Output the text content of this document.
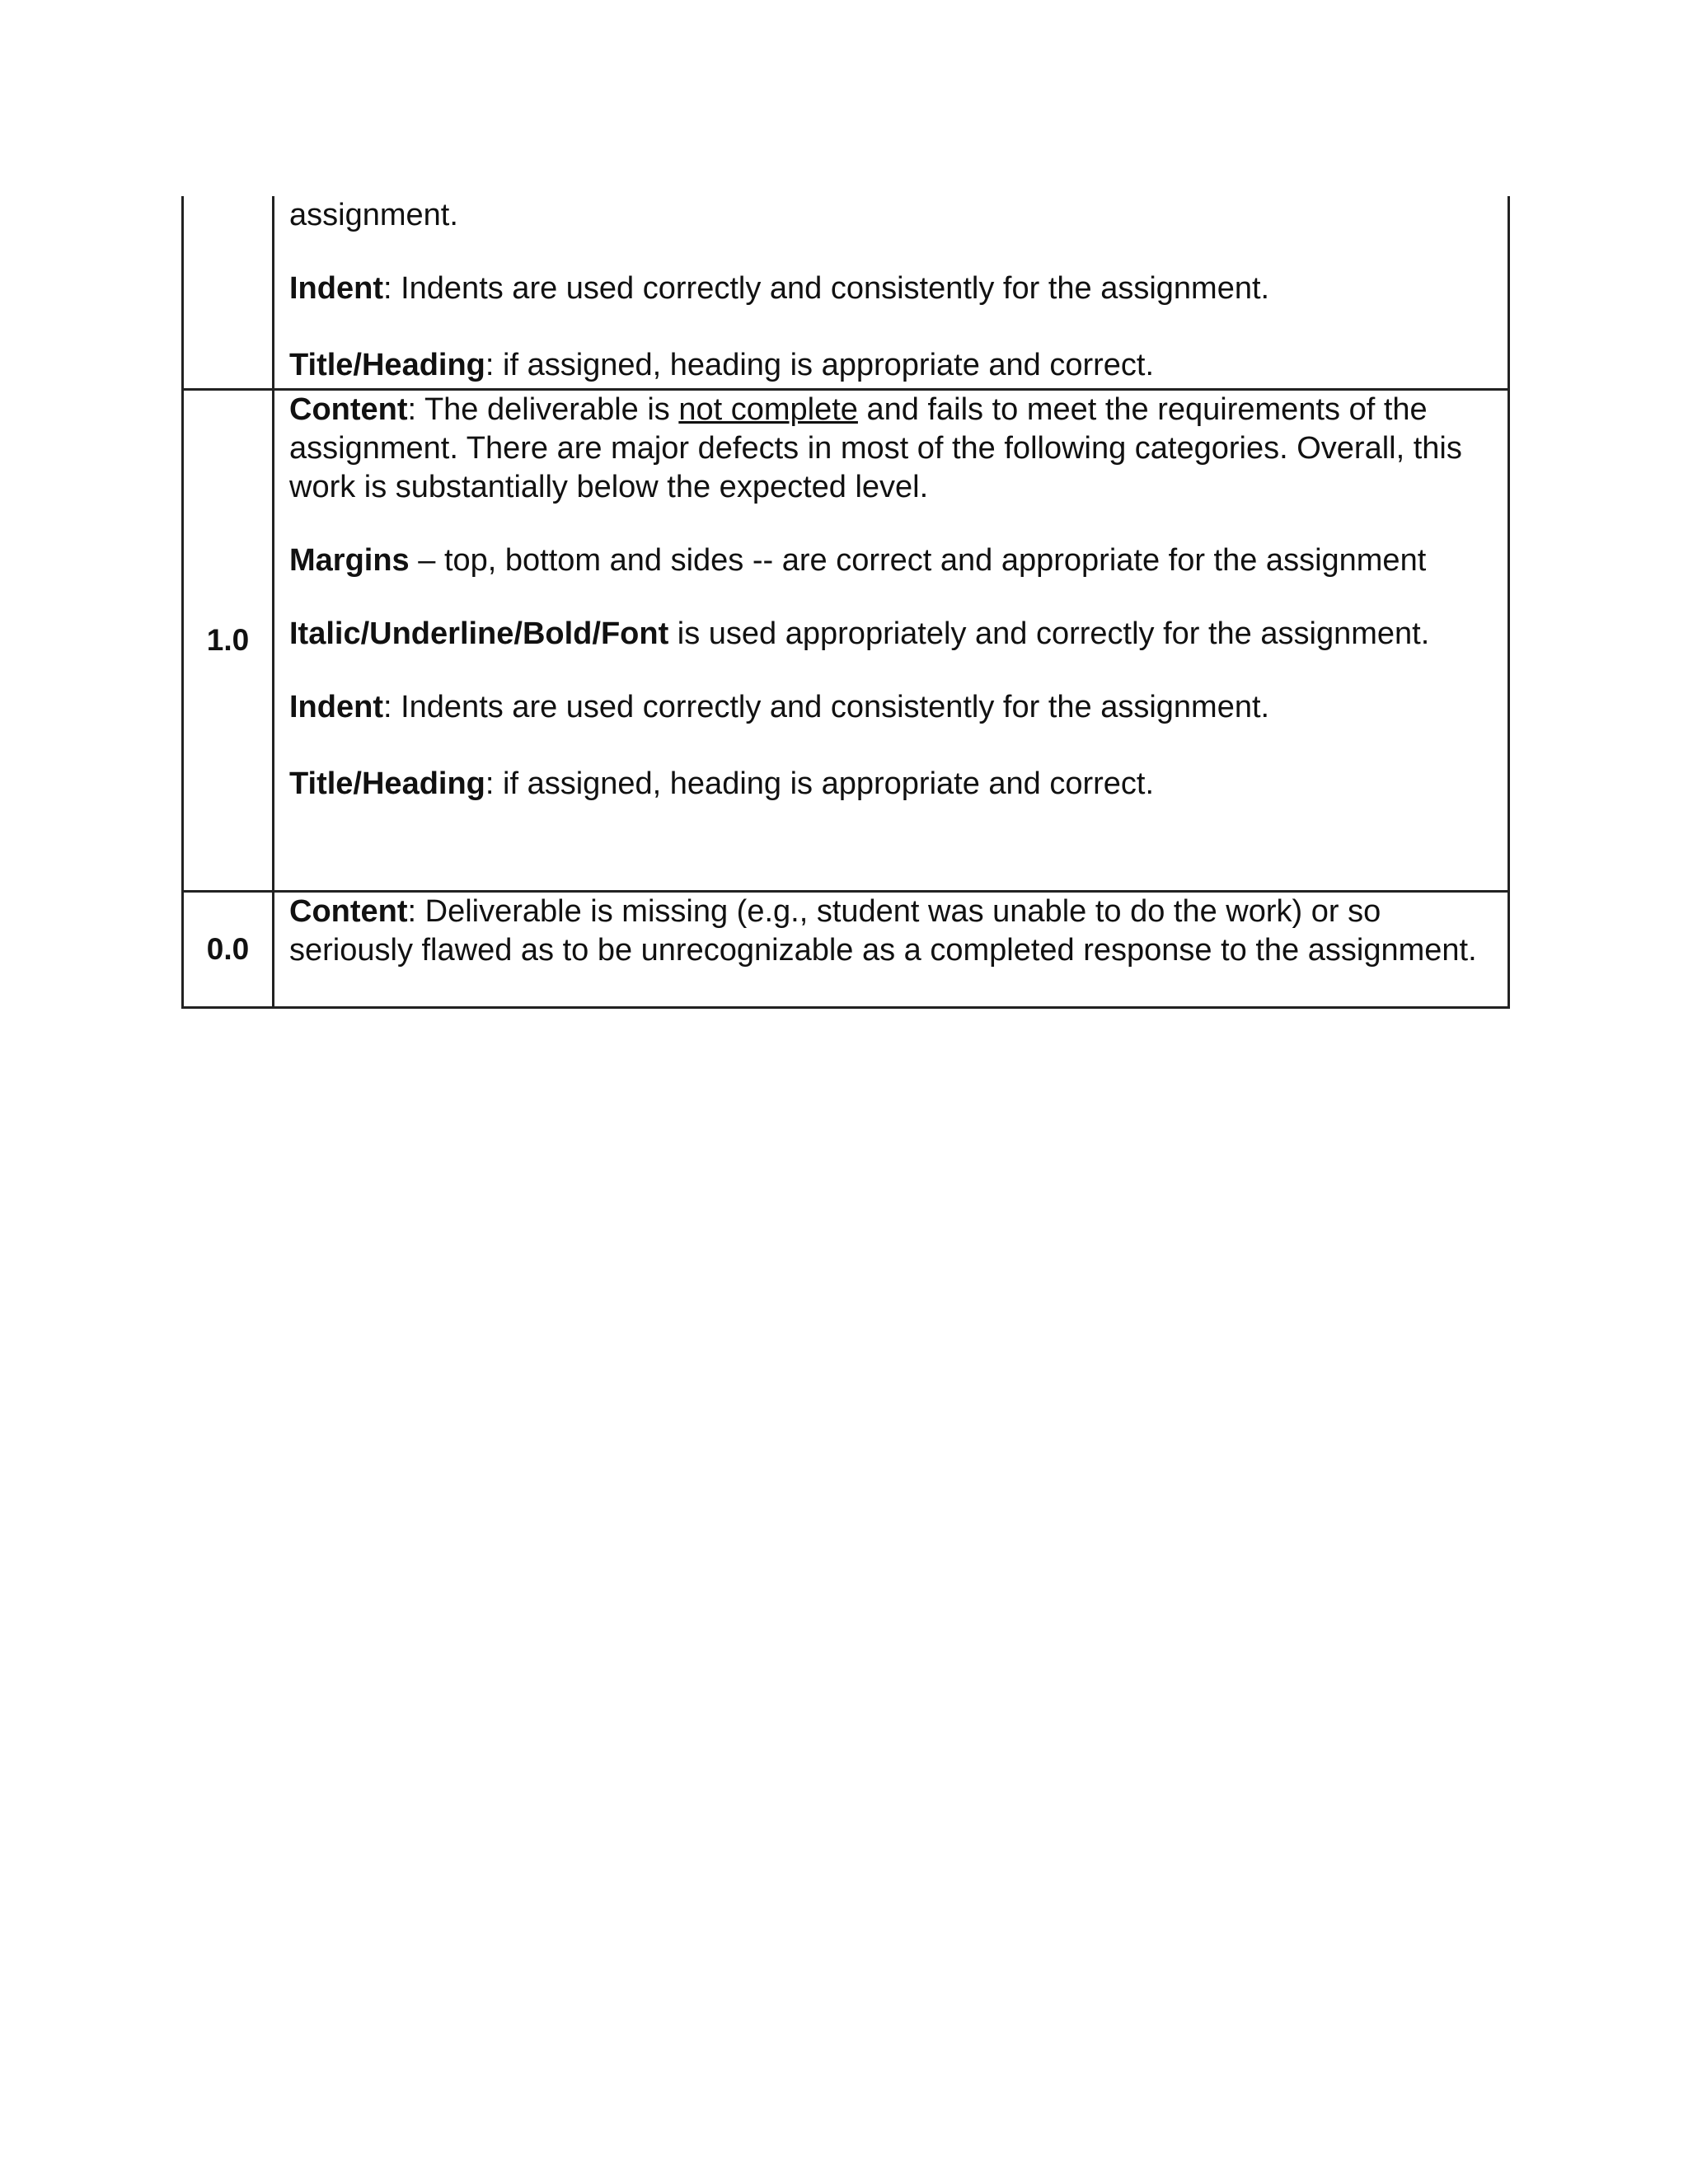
assignment.

Indent: Indents are used correctly and consistently for the assignment.

Title/Heading: if assigned, heading is appropriate and correct.

1.0

Content: The deliverable is not complete and fails to meet the requirements of the assignment. There are major defects in most of the following categories. Overall, this work is substantially below the expected level.

Margins – top, bottom and sides -- are correct and appropriate for the assignment

Italic/Underline/Bold/Font is used appropriately and correctly for the assignment.

Indent: Indents are used correctly and consistently for the assignment.

Title/Heading: if assigned, heading is appropriate and correct.

0.0

Content: Deliverable is missing (e.g., student was unable to do the work) or so seriously flawed as to be unrecognizable as a completed response to the assignment.
